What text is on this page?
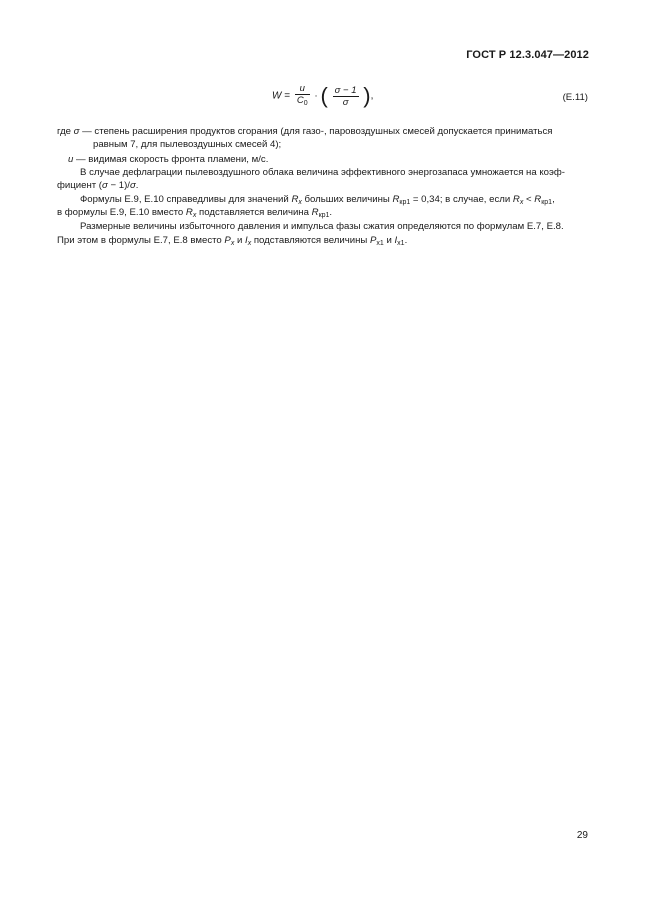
ГОСТ Р 12.3.047—2012
$W = \frac{u}{C_0}$ · ( $\frac{\sigma - 1}{\sigma}$ ),	(Е.11)
где σ — степень расширения продуктов сгорания (для газо-, паровоздушных смесей допускается приниматься
равным 7, для пылевоздушных смесей 4);
u — видимая скорость фронта пламени, м/с.
В случае дефлаграции пылевоздушного облака величина эффективного энергозапаса умножается на коэф-
фициент (σ − 1)/σ.
Формулы Е.9, Е.10 справедливы для значений $R_x$ больших величины $R_{кр1} = 0,34$; в случае, если $R_x < R_{кр1}$,
в формулы Е.9, Е.10 вместо $R_x$ подставляется величина $R_{кр1}$.
Размерные величины избыточного давления и импульса фазы сжатия определяются по формулам Е.7, Е.8.
При этом в формулы Е.7, Е.8 вместо $P_x$ и $I_x$ подставляются величины $P_{x1}$ и $I_{x1}$.
29
